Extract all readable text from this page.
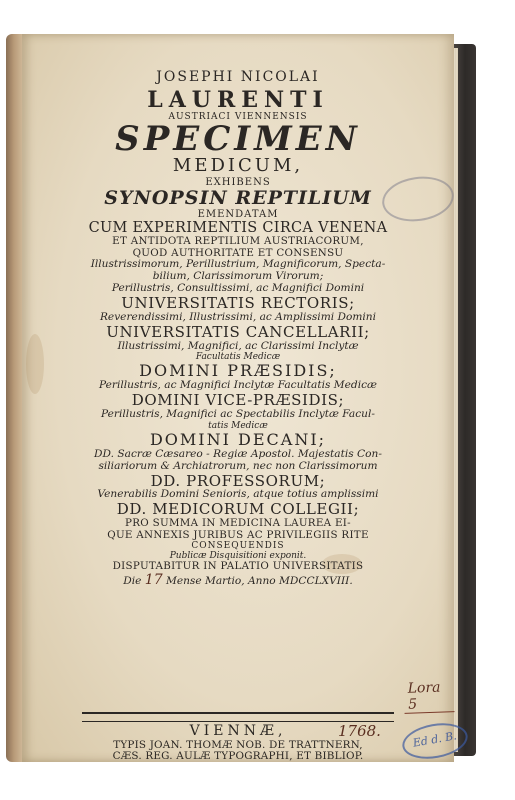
JOSEPHI NICOLAI
LAURENTI
AUSTRIACI VIENNENSIS
SPECIMEN
MEDICUM,
EXHIBENS
SYNOPSIN REPTILIUM
EMENDATAM
CUM EXPERIMENTIS CIRCA VENENA
ET ANTIDOTA REPTILIUM AUSTRIACORUM,
QUOD AUTHORITATE ET CONSENSU
Illustrissimorum, Perillustrium, Magnificorum, Specta-
bilium, Clarissimorum Virorum;
Perillustris, Consultissimi, ac Magnifici Domini
UNIVERSITATIS RECTORIS;
Reverendissimi, Illustrissimi, ac Amplissimi Domini
UNIVERSITATIS CANCELLARII;
Illustrissimi, Magnifici, ac Clarissimi Inclytæ
Facultatis Medicæ
DOMINI PRÆSIDIS;
Perillustris, ac Magnifici Inclytæ Facultatis Medicæ
DOMINI VICE-PRÆSIDIS;
Perillustris, Magnifici ac Spectabilis Inclytæ Facul-
tatis Medicæ
DOMINI DECANI;
DD. Sacræ Cæsareo - Regiæ Apostol. Majestatis Con-
siliariorum & Archiatrorum, nec non Clarissimorum
DD. PROFESSORUM;
Venerabilis Domini Senioris, atque totius amplissimi
DD. MEDICORUM COLLEGII;
PRO SUMMA IN MEDICINA LAUREA EI-
QUE ANNEXIS JURIBUS AC PRIVILEGIIS RITE
CONSEQUENDIS
Publicæ Disquisitioni exponit.
DISPUTABITUR IN PALATIO UNIVERSITATIS
Die 17 Mense Martio, Anno MDCCLXVIII.
VIENNÆ,
TYPIS JOAN. THOMÆ NOB. DE TRATTNERN,
CÆS. REG. AULÆ TYPOGRAPHI, ET BIBLIOP.
Lora 5
1768.	Ed d. B.
